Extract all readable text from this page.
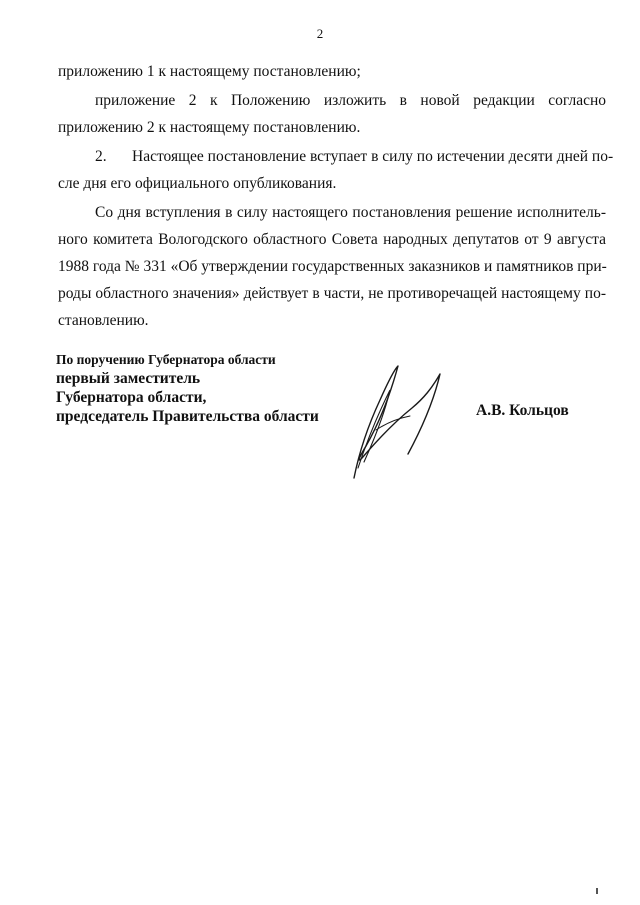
2
приложению 1 к настоящему постановлению;
приложение 2 к Положению изложить в новой редакции согласно
приложению 2 к настоящему постановлению.
2. Настоящее постановление вступает в силу по истечении десяти дней по-
сле дня его официального опубликования.
Со дня вступления в силу настоящего постановления решение исполнитель-
ного комитета Вологодского областного Совета народных депутатов от 9 августа
1988 года № 331 «Об утверждении государственных заказников и памятников при-
роды областного значения» действует в части, не противоречащей настоящему по-
становлению.
По поручению Губернатора области
первый заместитель
Губернатора области,
председатель Правительства области	А.В. Кольцов
